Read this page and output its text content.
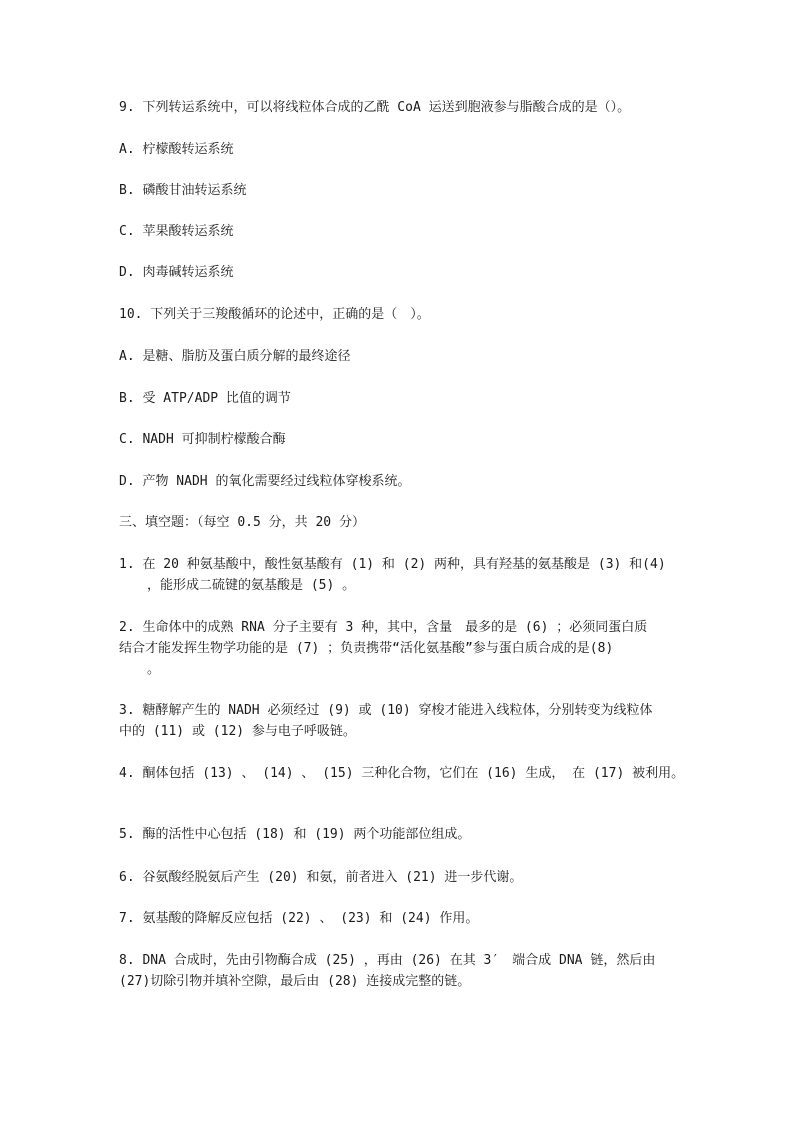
9. 下列转运系统中，可以将线粒体合成的乙酰 CoA 运送到胞液参与脂酸合成的是（）。
A. 柠檬酸转运系统
B. 磷酸甘油转运系统
C. 苹果酸转运系统
D. 肉毒碱转运系统
10. 下列关于三羧酸循环的论述中，正确的是（　）。
A. 是糖、脂肪及蛋白质分解的最终途径
B. 受 ATP/ADP 比值的调节
C. NADH 可抑制柠檬酸合酶
D. 产物 NADH 的氧化需要经过线粒体穿梭系统。
三、填空题：（每空 0.5 分，共 20 分）
1. 在 20 种氨基酸中，酸性氨基酸有 (1) 和 (2) 两种，具有羟基的氨基酸是 (3) 和(4)
，能形成二硫键的氨基酸是 (5) 。
2. 生命体中的成熟 RNA 分子主要有 3 种，其中，含量　最多的是 (6) ；必须同蛋白质
结合才能发挥生物学功能的是 (7) ；负责携带“活化氨基酸”参与蛋白质合成的是(8)
。
3. 糖酵解产生的 NADH 必须经过 (9) 或 (10) 穿梭才能进入线粒体，分别转变为线粒体
中的 (11) 或 (12) 参与电子呼吸链。
4. 酮体包括 (13) 、 (14) 、 (15) 三种化合物，它们在 (16) 生成， 在 (17) 被利用。
5. 酶的活性中心包括 (18) 和 (19) 两个功能部位组成。
6. 谷氨酸经脱氨后产生 (20) 和氨，前者进入 (21) 进一步代谢。
7. 氨基酸的降解反应包括 (22) 、 (23) 和 (24) 作用。
8. DNA 合成时，先由引物酶合成 (25) ，再由 (26) 在其 3′　端合成 DNA 链，然后由
(27)切除引物并填补空隙，最后由 (28) 连接成完整的链。
